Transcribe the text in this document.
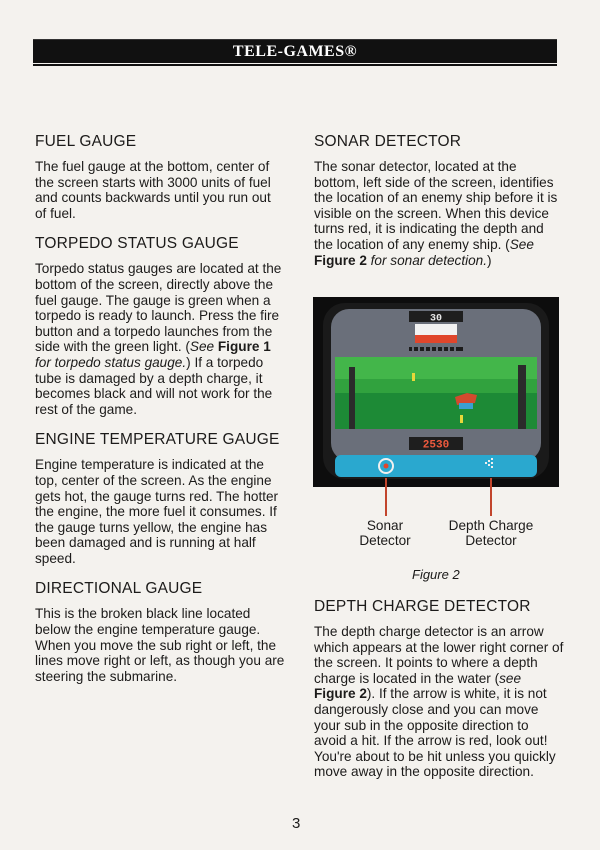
TELE-GAMES®
FUEL GAUGE

The fuel gauge at the bottom, center of the screen starts with 3000 units of fuel and counts backwards until you run out of fuel.

TORPEDO STATUS GAUGE

Torpedo status gauges are located at the bottom of the screen, directly above the fuel gauge. The gauge is green when a torpedo is ready to launch. Press the fire button and a torpedo launches from the side with the green light. (See Figure 1 for torpedo status gauge.) If a torpedo tube is damaged by a depth charge, it becomes black and will not work for the rest of the game.

ENGINE TEMPERATURE GAUGE

Engine temperature is indicated at the top, center of the screen. As the engine gets hot, the gauge turns red. The hotter the engine, the more fuel it consumes. If the gauge turns yellow, the engine has been damaged and is running at half speed.

DIRECTIONAL GAUGE

This is the broken black line located below the engine temperature gauge. When you move the sub right or left, the lines move right or left, as though you are steering the submarine.

SONAR DETECTOR

The sonar detector, located at the bottom, left side of the screen, identifies the location of an enemy ship before it is visible on the screen. When this device turns red, it is indicating the depth and the location of any enemy ship. (See Figure 2 for sonar detection.)

30
2530
Sonar
Detector
Depth Charge
Detector
Figure 2
DEPTH CHARGE DETECTOR

The depth charge detector is an arrow which appears at the lower right corner of the screen. It points to where a depth charge is located in the water (see Figure 2). If the arrow is white, it is not dangerously close and you can move your sub in the opposite direction to avoid a hit. If the arrow is red, look out! You're about to be hit unless you quickly move away in the opposite direction.

3
